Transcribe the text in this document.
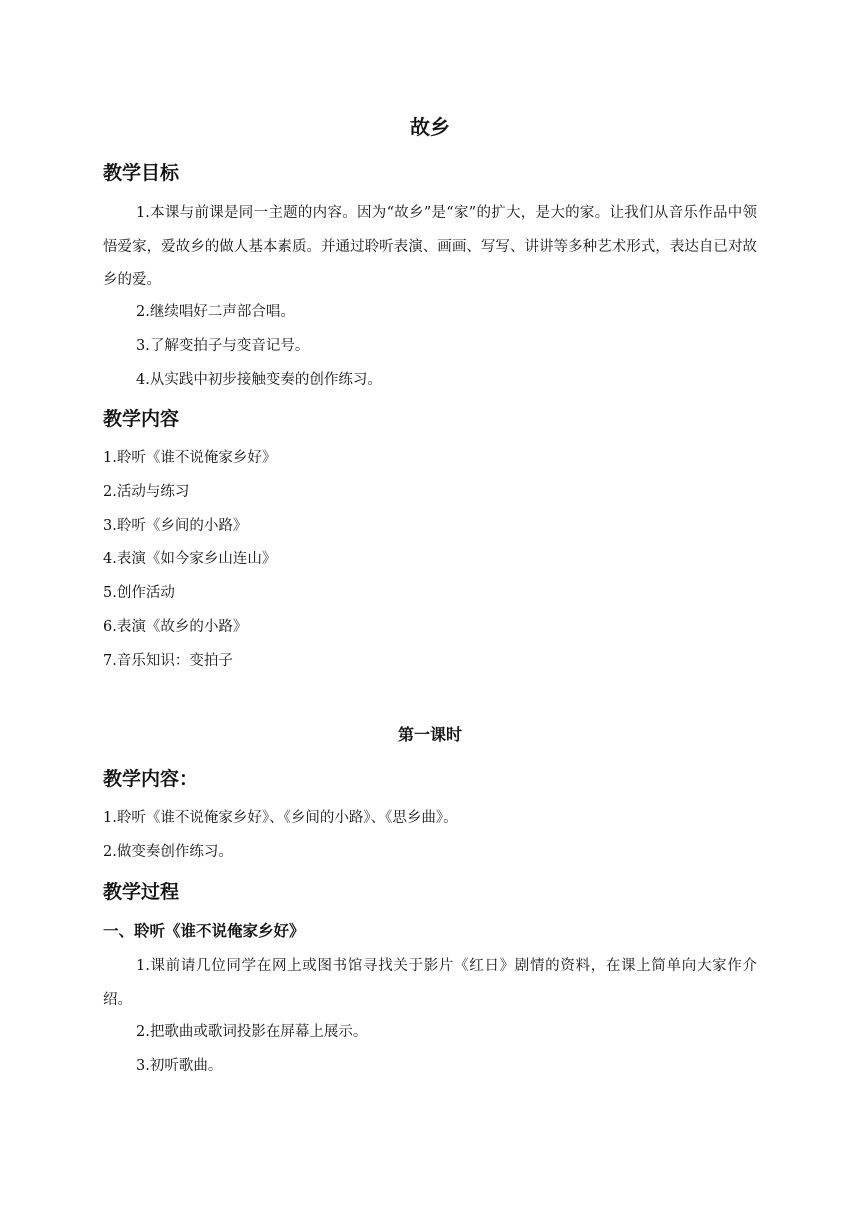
故乡
教学目标

1.本课与前课是同一主题的内容。因为“故乡”是“家”的扩大，是大的家。让我们从音乐作品中领悟爱家，爱故乡的做人基本素质。并通过聆听表演、画画、写写、讲讲等多种艺术形式，表达自已对故乡的爱。

2.继续唱好二声部合唱。
3.了解变拍子与变音记号。
4.从实践中初步接触变奏的创作练习。
教学内容
1.聆听《谁不说俺家乡好》
2.活动与练习
3.聆听《乡间的小路》
4.表演《如今家乡山连山》
5.创作活动
6.表演《故乡的小路》
7.音乐知识：变拍子
第一课时
教学内容：
1.聆听《谁不说俺家乡好》、《乡间的小路》、《思乡曲》。
2.做变奏创作练习。
教学过程
一、聆听《谁不说俺家乡好》

1.课前请几位同学在网上或图书馆寻找关于影片《红日》剧情的资料，在课上简单向大家作介绍。

2.把歌曲或歌词投影在屏幕上展示。
3.初听歌曲。
